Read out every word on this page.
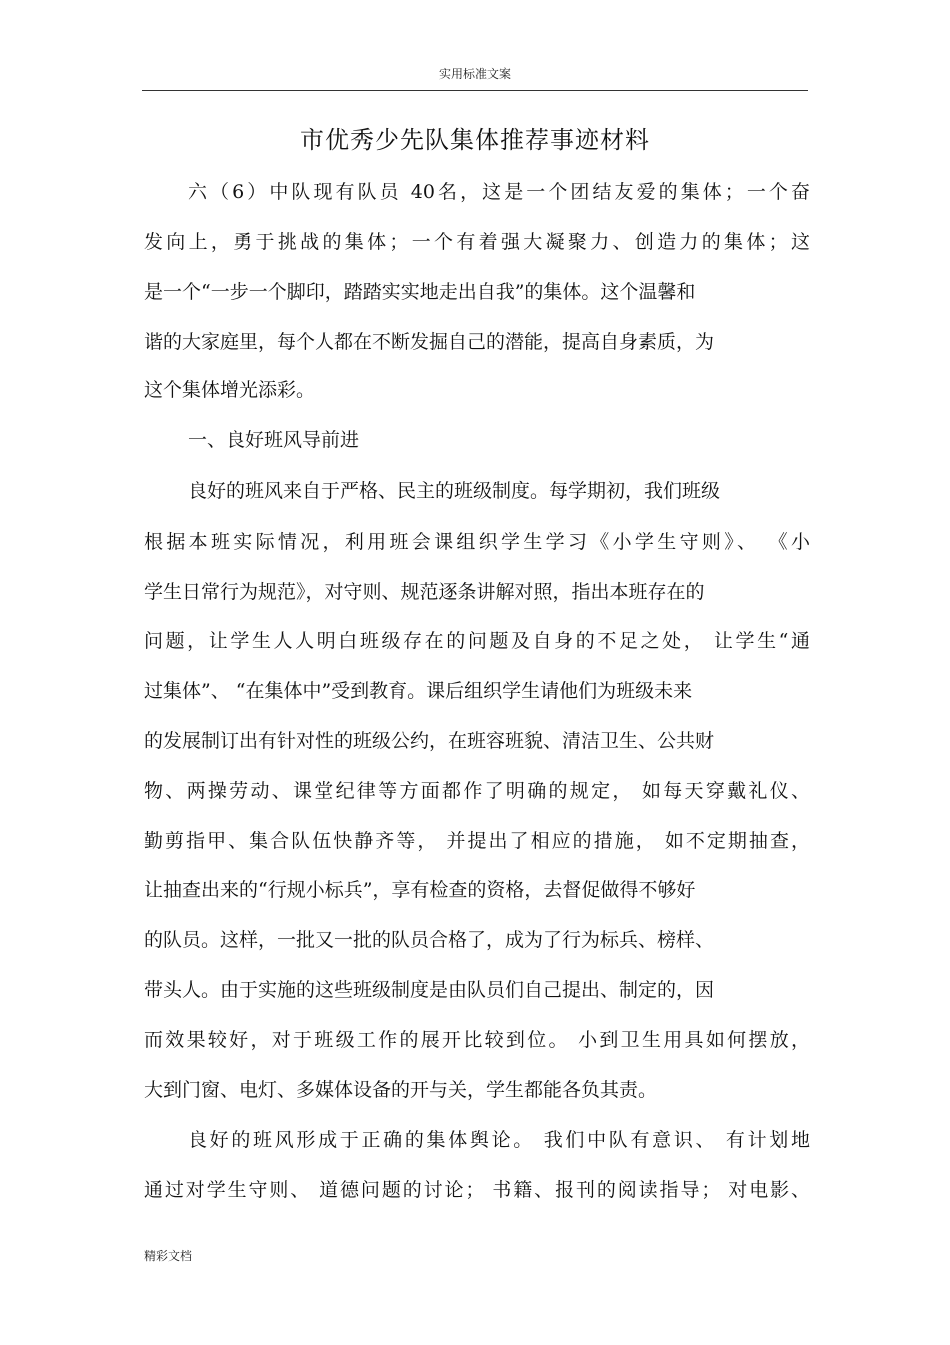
实用标准文案
市优秀少先队集体推荐事迹材料
六（6）中队现有队员 40名，这是一个团结友爱的集体；一个奋
发向上，勇于挑战的集体；一个有着强大凝聚力、创造力的集体；这
是一个“一步一个脚印，踏踏实实地走出自我”的集体。这个温馨和
谐的大家庭里，每个人都在不断发掘自己的潜能，提高自身素质，为
这个集体增光添彩。
一、良好班风导前进
良好的班风来自于严格、民主的班级制度。每学期初，我们班级
根据本班实际情况，利用班会课组织学生学习《小学生守则》、 《小
学生日常行为规范》，对守则、规范逐条讲解对照，指出本班存在的
问题，让学生人人明白班级存在的问题及自身的不足之处， 让学生“通
过集体”、 “在集体中”受到教育。课后组织学生请他们为班级未来
的发展制订出有针对性的班级公约，在班容班貌、清洁卫生、公共财
物、两操劳动、课堂纪律等方面都作了明确的规定， 如每天穿戴礼仪、
勤剪指甲、集合队伍快静齐等， 并提出了相应的措施， 如不定期抽查，
让抽查出来的“行规小标兵”，享有检查的资格，去督促做得不够好
的队员。这样，一批又一批的队员合格了，成为了行为标兵、榜样、
带头人。由于实施的这些班级制度是由队员们自己提出、制定的，因
而效果较好，对于班级工作的展开比较到位。 小到卫生用具如何摆放，
大到门窗、电灯、多媒体设备的开与关，学生都能各负其责。
良好的班风形成于正确的集体舆论。 我们中队有意识、 有计划地
通过对学生守则、 道德问题的讨论； 书籍、报刊的阅读指导； 对电影、
精彩文档
